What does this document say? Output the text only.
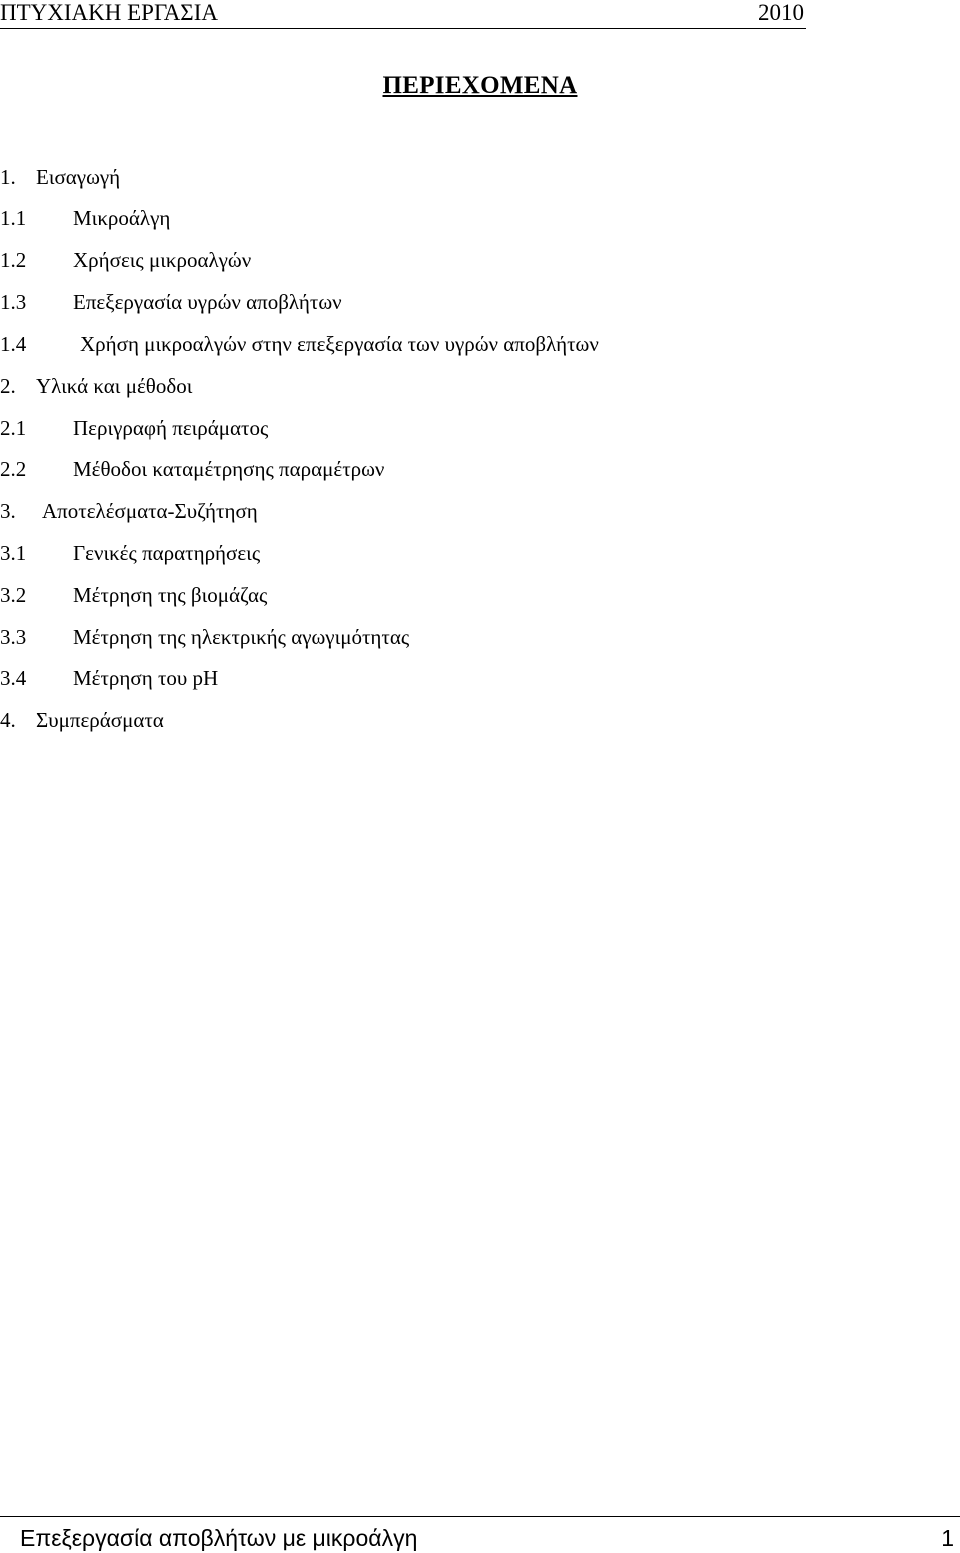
ΠΤΥΧΙΑΚΗ ΕΡΓΑΣΙΑ	2010
ΠΕΡΙΕΧΟΜΕΝΑ
1. Εισαγωγή
1.1 Μικροάλγη
1.2 Χρήσεις μικροαλγών
1.3 Επεξεργασία υγρών αποβλήτων
1.4	Χρήση μικροαλγών στην επεξεργασία των υγρών αποβλήτων
2. Υλικά και μέθοδοι
2.1 Περιγραφή πειράματος
2.2 Μέθοδοι καταμέτρησης παραμέτρων
3. Αποτελέσματα-Συζήτηση
3.1 Γενικές παρατηρήσεις
3.2 Μέτρηση της βιομάζας
3.3 Μέτρηση της ηλεκτρικής αγωγιμότητας
3.4 Μέτρηση του pH
4. Συμπεράσματα
Επεξεργασία αποβλήτων με μικροάλγη	1
